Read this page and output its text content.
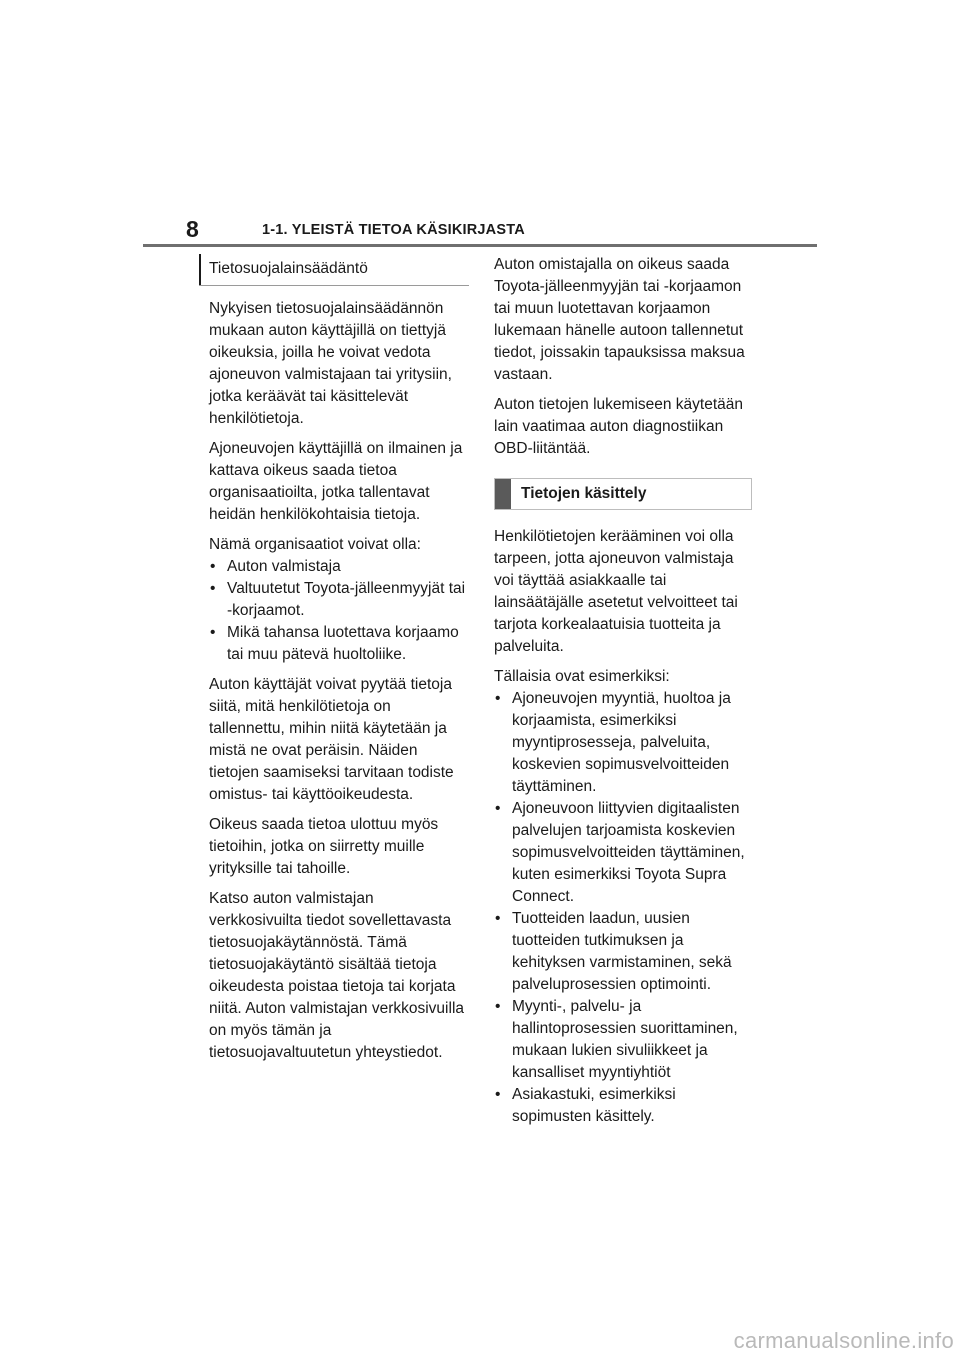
8	1-1. YLEISTÄ TIETOA KÄSIKIRJASTA
Tietosuojalainsäädäntö

Nykyisen tietosuojalainsäädännön mukaan auton käyttäjillä on tiettyjä oikeuksia, joilla he voivat vedota ajoneuvon valmistajaan tai yritysiin, jotka keräävät tai käsittelevät henkilötietoja.

Ajoneuvojen käyttäjillä on ilmainen ja kattava oikeus saada tietoa organisaatioilta, jotka tallentavat heidän henkilökohtaisia tietoja.

Nämä organisaatiot voivat olla:

• Auton valmistaja
• Valtuutetut Toyota-jälleenmyyjät tai -korjaamot.
• Mikä tahansa luotettava korjaamo tai muu pätevä huoltoliike.

Auton käyttäjät voivat pyytää tietoja siitä, mitä henkilötietoja on tallennettu, mihin niitä käytetään ja mistä ne ovat peräisin. Näiden tietojen saamiseksi tarvitaan todiste omistus- tai käyttöoikeudesta.

Oikeus saada tietoa ulottuu myös tietoihin, jotka on siirretty muille yrityksille tai tahoille.

Katso auton valmistajan verkkosivuilta tiedot sovellettavasta tietosuojakäytännöstä. Tämä tietosuojakäytäntö sisältää tietoja oikeudesta poistaa tietoja tai korjata niitä. Auton valmistajan verkkosivuilla on myös tämän ja tietosuojavaltuutetun yhteystiedot.

Auton omistajalla on oikeus saada Toyota-jälleenmyyjän tai -korjaamon tai muun luotettavan korjaamon lukemaan hänelle autoon tallennetut tiedot, joissakin tapauksissa maksua vastaan.

Auton tietojen lukemiseen käytetään lain vaatimaa auton diagnostiikan OBD-liitäntää.

Tietojen käsittely

Henkilötietojen kerääminen voi olla tarpeen, jotta ajoneuvon valmistaja voi täyttää asiakkaalle tai lainsäätäjälle asetetut velvoitteet tai tarjota korkealaatuisia tuotteita ja palveluita.

Tällaisia ovat esimerkiksi:

• Ajoneuvojen myyntiä, huoltoa ja korjaamista, esimerkiksi myyntiprosesseja, palveluita, koskevien sopimusvelvoitteiden täyttäminen.
• Ajoneuvoon liittyvien digitaalisten palvelujen tarjoamista koskevien sopimusvelvoitteiden täyttäminen, kuten esimerkiksi Toyota Supra Connect.
• Tuotteiden laadun, uusien tuotteiden tutkimuksen ja kehityksen varmistaminen, sekä palveluprosessien optimointi.
• Myynti-, palvelu- ja hallintoprosessien suorittaminen, mukaan lukien sivuliikkeet ja kansalliset myyntiyhtiöt
• Asiakastuki, esimerkiksi sopimusten käsittely.
carmanualsonline.info
